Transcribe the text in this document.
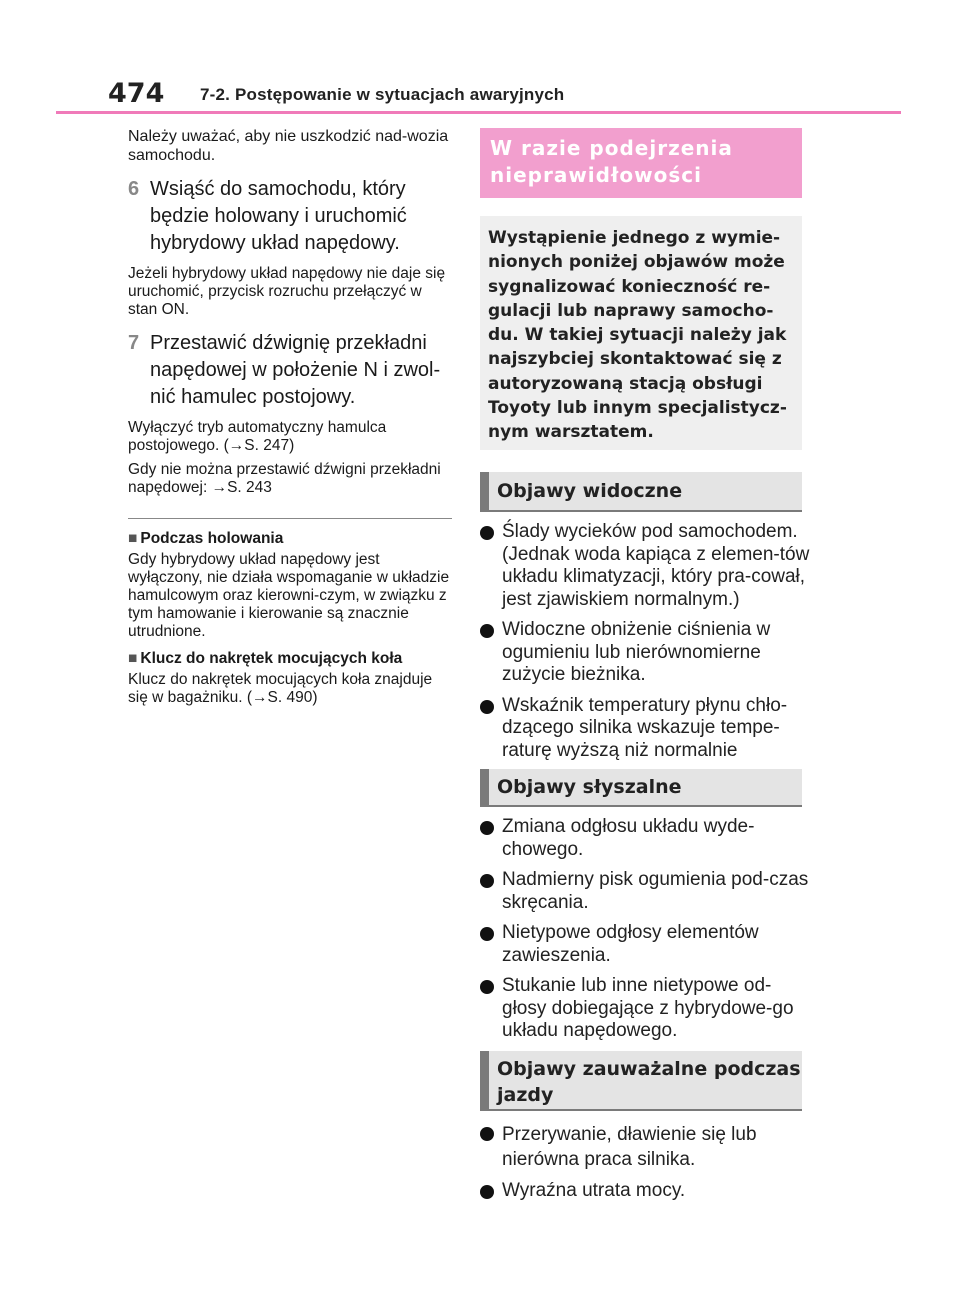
474 7-2. Postępowanie w sytuacjach awaryjnych

Należy uważać, aby nie uszkodzić nad-wozia samochodu.

6 Wsiąść do samochodu, który będzie holowany i uruchomić hybrydowy układ napędowy.
Jeżeli hybrydowy układ napędowy nie daje się uruchomić, przycisk rozruchu przełączyć w stan ON.
7 Przestawić dźwignię przekładni napędowej w położenie N i zwol-nić hamulec postojowy.
Wyłączyć tryb automatyczny hamulca postojowego. (→S. 247)
Gdy nie można przestawić dźwigni przekładni napędowej: →S. 243
■ Podczas holowania
Gdy hybrydowy układ napędowy jest wyłączony, nie działa wspomaganie w układzie hamulcowym oraz kierowni-czym, w związku z tym hamowanie i kierowanie są znacznie utrudnione.
■ Klucz do nakrętek mocujących koła
Klucz do nakrętek mocujących koła znajduje się w bagażniku. (→S. 490)
W razie podejrzenia nieprawidłowości
Wystąpienie jednego z wymie-nionych poniżej objawów może sygnalizować konieczność re-gulacji lub naprawy samocho-du. W takiej sytuacji należy jak najszybciej skontaktować się z autoryzowaną stacją obsługi Toyoty lub innym specjalistycz-nym warsztatem.
Objawy widoczne
Ślady wycieków pod samochodem. (Jednak woda kapiąca z elemen-tów układu klimatyzacji, który pra-cował, jest zjawiskiem normalnym.)
Widoczne obniżenie ciśnienia w ogumieniu lub nierównomierne zużycie bieżnika.
Wskaźnik temperatury płynu chło-dzącego silnika wskazuje tempe-raturę wyższą niż normalnie
Objawy słyszalne
Zmiana odgłosu układu wyde-chowego.
Nadmierny pisk ogumienia pod-czas skręcania.
Nietypowe odgłosy elementów zawieszenia.
Stukanie lub inne nietypowe od-głosy dobiegające z hybrydowe-go układu napędowego.
Objawy zauważalne podczas jazdy
Przerywanie, dławienie się lub nierówna praca silnika.
Wyraźna utrata mocy.
